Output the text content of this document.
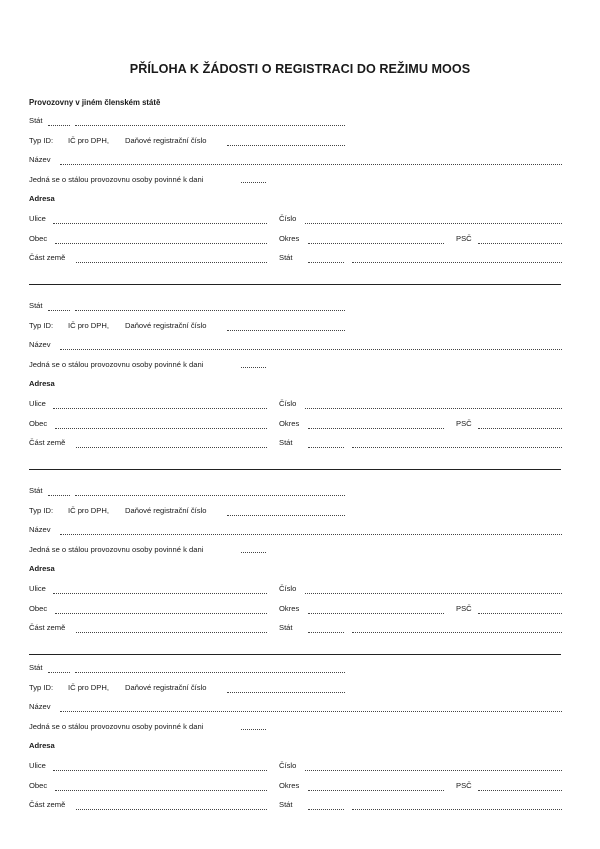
PŘÍLOHA K ŽÁDOSTI O REGISTRACI DO REŽIMU MOOS
Provozovny v jiném členském státě
Stát
Typ ID: IČ pro DPH, Daňové registrační číslo
Název
Jedná se o stálou provozovnu osoby povinné k dani
Adresa
Ulice	Číslo
Obec	Okres	PSČ
Část země	Stát
Stát
Typ ID: IČ pro DPH, Daňové registrační číslo
Název
Jedná se o stálou provozovnu osoby povinné k dani
Adresa
Ulice	Číslo
Obec	Okres	PSČ
Část země	Stát
Stát
Typ ID: IČ pro DPH, Daňové registrační číslo
Název
Jedná se o stálou provozovnu osoby povinné k dani
Adresa
Ulice	Číslo
Obec	Okres	PSČ
Část země	Stát
Stát
Typ ID: IČ pro DPH, Daňové registrační číslo
Název
Jedná se o stálou provozovnu osoby povinné k dani
Adresa
Ulice	Číslo
Obec	Okres	PSČ
Část země	Stát
